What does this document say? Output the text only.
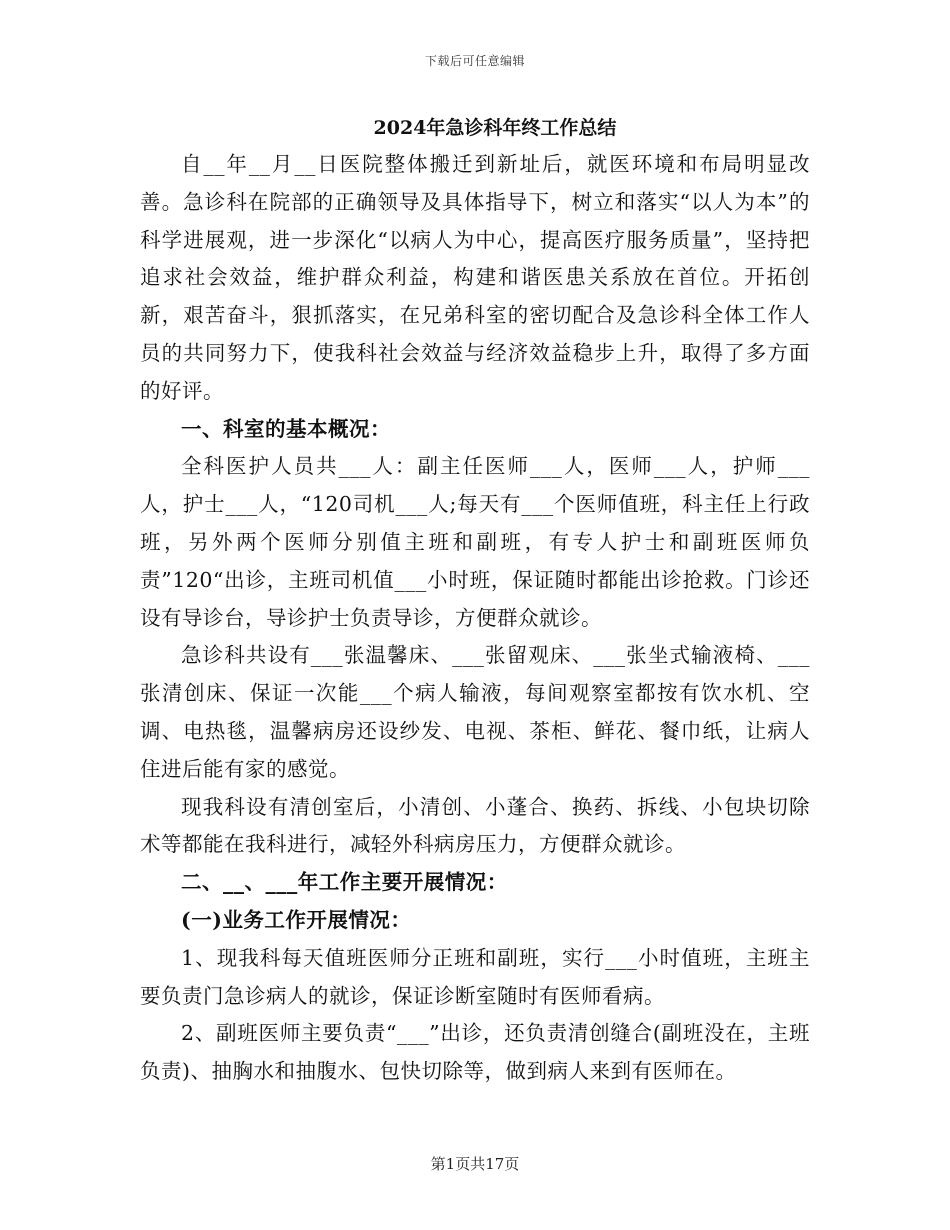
下载后可任意编辑

2024年急诊科年终工作总结

自__年__月__日医院整体搬迁到新址后，就医环境和布局明显改善。急诊科在院部的正确领导及具体指导下，树立和落实“以人为本”的科学进展观，进一步深化“以病人为中心，提高医疗服务质量”，坚持把追求社会效益，维护群众利益，构建和谐医患关系放在首位。开拓创新，艰苦奋斗，狠抓落实，在兄弟科室的密切配合及急诊科全体工作人员的共同努力下，使我科社会效益与经济效益稳步上升，取得了多方面的好评。

一、科室的基本概况：

全科医护人员共___人：副主任医师___人，医师___人，护师___人，护士___人，“120司机___人;每天有___个医师值班，科主任上行政班，另外两个医师分别值主班和副班，有专人护士和副班医师负责”120“出诊，主班司机值___小时班，保证随时都能出诊抢救。门诊还设有导诊台，导诊护士负责导诊，方便群众就诊。

急诊科共设有___张温馨床、___张留观床、___张坐式输液椅、___张清创床、保证一次能___个病人输液，每间观察室都按有饮水机、空调、电热毯，温馨病房还设纱发、电视、茶柜、鲜花、餐巾纸，让病人住进后能有家的感觉。

现我科设有清创室后，小清创、小蓬合、换药、拆线、小包块切除术等都能在我科进行，减轻外科病房压力，方便群众就诊。

二、__、___年工作主要开展情况：

(一)业务工作开展情况：

1、现我科每天值班医师分正班和副班，实行___小时值班，主班主要负责门急诊病人的就诊，保证诊断室随时有医师看病。

2、副班医师主要负责“___”出诊，还负责清创缝合(副班没在，主班负责)、抽胸水和抽腹水、包快切除等，做到病人来到有医师在。

第1页共17页
